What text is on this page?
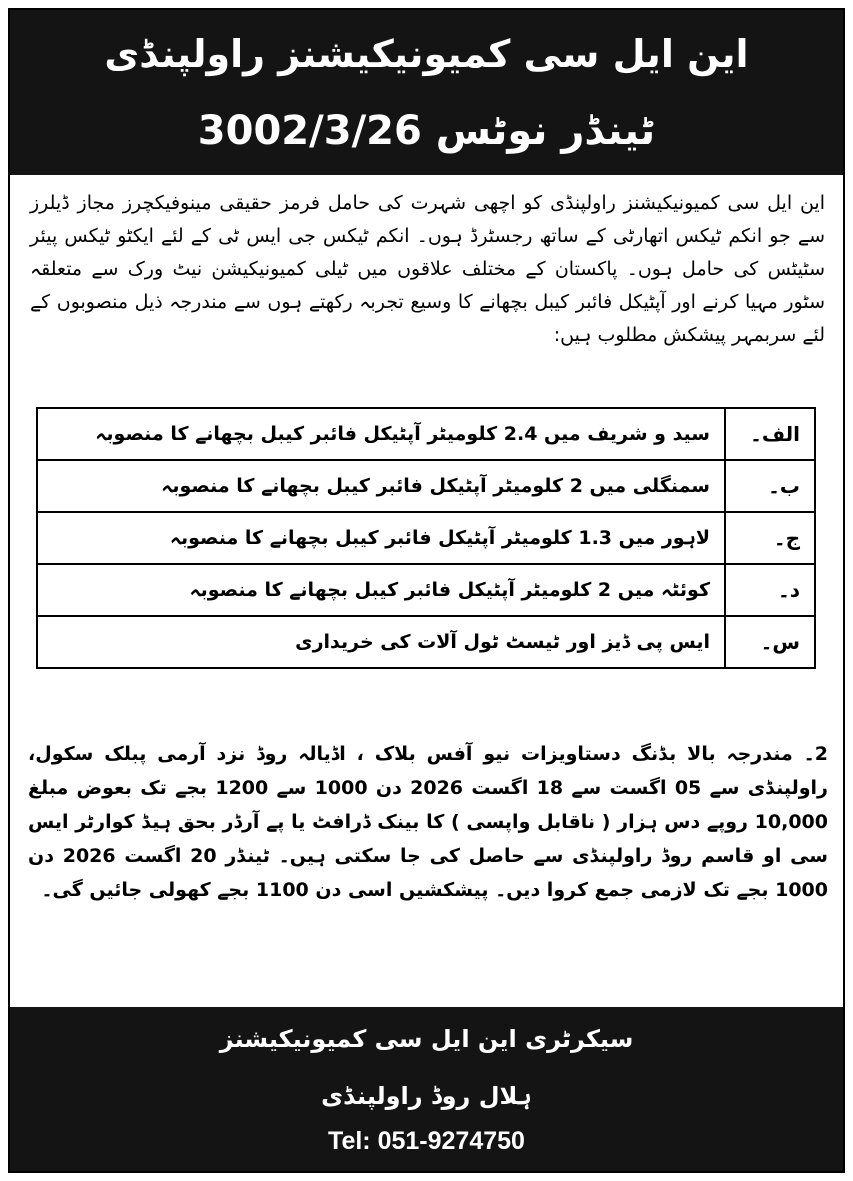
این ایل سی کمیونیکیشنز راولپنڈی
ٹینڈر نوٹس 3002/3/26

این ایل سی کمیونیکیشنز راولپنڈی کو اچھی شہرت کی حامل فرمز حقیقی مینوفیکچرز مجاز ڈیلرز سے جو انکم ٹیکس اتھارٹی کے ساتھ رجسٹرڈ ہوں۔ انکم ٹیکس جی ایس ٹی کے لئے ایکٹو ٹیکس پیئر سٹیٹس کی حامل ہوں۔ پاکستان کے مختلف علاقوں میں ٹیلی کمیونیکیشن نیٹ ورک سے متعلقہ سٹور مہیا کرنے اور آپٹیکل فائبر کیبل بچھانے کا وسیع تجربہ رکھتے ہوں سے مندرجہ ذیل منصوبوں کے لئے سربمہر پیشکش مطلوب ہیں:

الف۔	سید و شریف میں 2.4 کلومیٹر آپٹیکل فائبر کیبل بچھانے کا منصوبہ
ب۔	سمنگلی میں 2 کلومیٹر آپٹیکل فائبر کیبل بچھانے کا منصوبہ
ج۔	لاہور میں 1.3 کلومیٹر آپٹیکل فائبر کیبل بچھانے کا منصوبہ
د۔	کوئٹہ میں 2 کلومیٹر آپٹیکل فائبر کیبل بچھانے کا منصوبہ
س۔	ایس پی ڈیز اور ٹیسٹ ٹول آلات کی خریداری

2۔ مندرجہ بالا بڈنگ دستاویزات نیو آفس بلاک ، اڈیالہ روڈ نزد آرمی پبلک سکول، راولپنڈی سے 05 اگست سے 18 اگست 2026 دن 1000 سے 1200 بجے تک بعوض مبلغ 10,000 روپے دس ہزار ( ناقابل واپسی ) کا بینک ڈرافٹ یا پے آرڈر بحق ہیڈ کوارٹر ایس سی او قاسم روڈ راولپنڈی سے حاصل کی جا سکتی ہیں۔ ٹینڈر 20 اگست 2026 دن 1000 بجے تک لازمی جمع کروا دیں۔ پیشکشیں اسی دن 1100 بجے کھولی جائیں گی۔

سیکرٹری این ایل سی کمیونیکیشنز
ہلال روڈ راولپنڈی
Tel: 051-9274750
